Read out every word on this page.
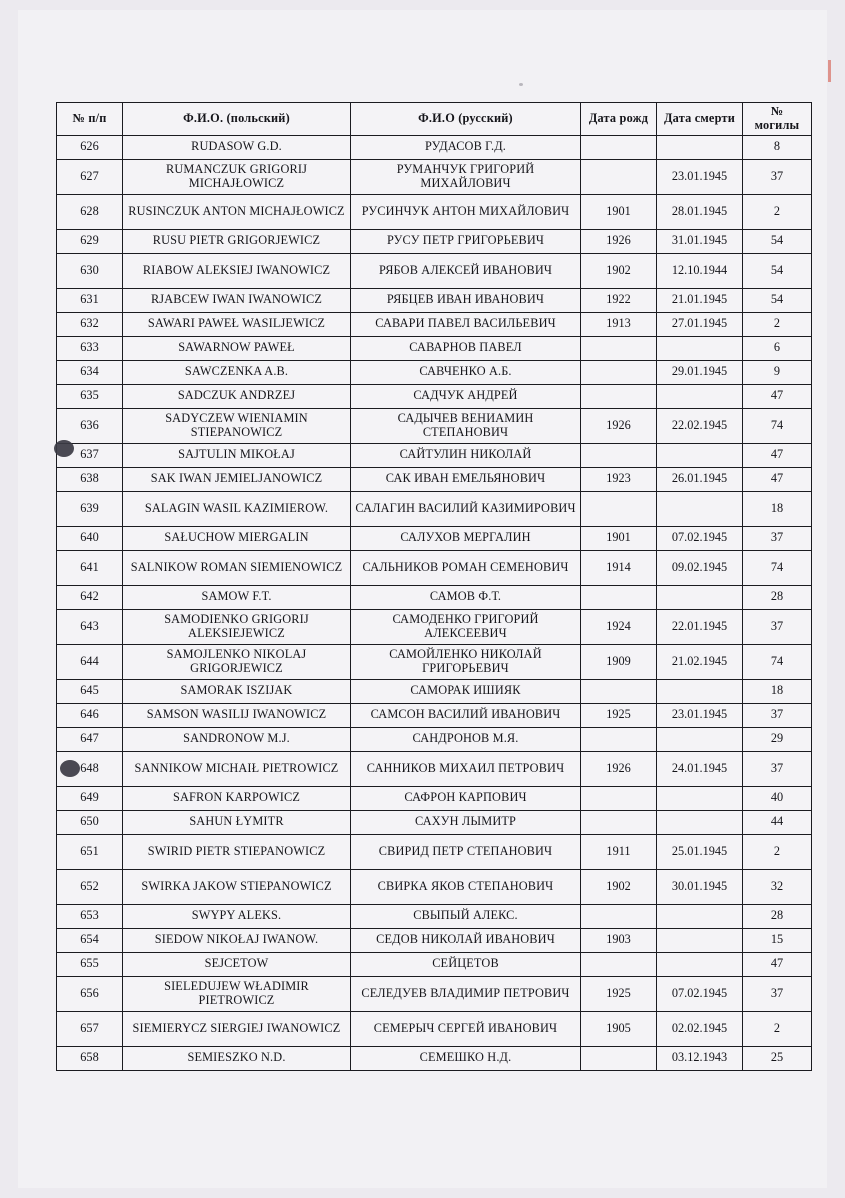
№ п/п	Ф.И.О. (польский)	Ф.И.О (русский)	Дата рожд	Дата смерти	№
могилы

626	RUDASOW G.D.	РУДАСОВ Г.Д.			8
627	RUMANCZUK GRIGORIJ MICHAJŁOWICZ	РУМАНЧУК ГРИГОРИЙ МИХАЙЛОВИЧ		23.01.1945	37
628	RUSINCZUK ANTON MICHAJŁOWICZ	РУСИНЧУК АНТОН МИХАЙЛОВИЧ	1901	28.01.1945	2
629	RUSU PIETR GRIGORJEWICZ	РУСУ ПЕТР ГРИГОРЬЕВИЧ	1926	31.01.1945	54
630	RIABOW ALEKSIEJ IWANOWICZ	РЯБОВ АЛЕКСЕЙ ИВАНОВИЧ	1902	12.10.1944	54
631	RJABCEW IWAN IWANOWICZ	РЯБЦЕВ ИВАН ИВАНОВИЧ	1922	21.01.1945	54
632	SAWARI PAWEŁ WASILJEWICZ	САВАРИ ПАВЕЛ ВАСИЛЬЕВИЧ	1913	27.01.1945	2
633	SAWARNOW PAWEŁ	САВАРНОВ ПАВЕЛ			6
634	SAWCZENKA A.B.	САВЧЕНКО А.Б.		29.01.1945	9
635	SADCZUK ANDRZEJ	САДЧУК АНДРЕЙ			47
636	SADYCZEW WIENIAMIN STIEPANOWICZ	САДЫЧЕВ ВЕНИАМИН СТЕПАНОВИЧ	1926	22.02.1945	74
637	SAJTULIN MIKOŁAJ	САЙТУЛИН НИКОЛАЙ			47
638	SAK IWAN JEMIELJANOWICZ	САК ИВАН ЕМЕЛЬЯНОВИЧ	1923	26.01.1945	47
639	SALAGIN WASIL KAZIMIEROW.	САЛАГИН ВАСИЛИЙ КАЗИМИРОВИЧ			18
640	SAŁUCHOW MIERGALIN	САЛУХОВ МЕРГАЛИН	1901	07.02.1945	37
641	SALNIKOW ROMAN SIEMIENOWICZ	САЛЬНИКОВ РОМАН СЕМЕНОВИЧ	1914	09.02.1945	74
642	SAMOW F.T.	САМОВ Ф.Т.			28
643	SAMODIENKO GRIGORIJ ALEKSIEJEWICZ	САМОДЕНКО ГРИГОРИЙ АЛЕКСЕЕВИЧ	1924	22.01.1945	37
644	SAMOJLENKO NIKOLAJ GRIGORJEWICZ	САМОЙЛЕНКО НИКОЛАЙ ГРИГОРЬЕВИЧ	1909	21.02.1945	74
645	SAMORAK ISZIJAK	САМОРАК ИШИЯК			18
646	SAMSON WASILIJ IWANOWICZ	САМСОН ВАСИЛИЙ ИВАНОВИЧ	1925	23.01.1945	37
647	SANDRONOW M.J.	САНДРОНОВ М.Я.			29
648	SANNIKOW MICHAIŁ PIETROWICZ	САННИКОВ МИХАИЛ ПЕТРОВИЧ	1926	24.01.1945	37
649	SAFRON KARPOWICZ	САФРОН КАРПОВИЧ			40
650	SAHUN ŁYMITR	САХУН ЛЫМИТР			44
651	SWIRID PIETR STIEPANOWICZ	СВИРИД ПЕТР СТЕПАНОВИЧ	1911	25.01.1945	2
652	SWIRKA JAKOW STIEPANOWICZ	СВИРКА ЯКОВ СТЕПАНОВИЧ	1902	30.01.1945	32
653	SWYPY ALEKS.	СВЫПЫЙ АЛЕКС.			28
654	SIEDOW NIKOŁAJ IWANOW.	СЕДОВ НИКОЛАЙ ИВАНОВИЧ	1903		15
655	SEJCETOW	СЕЙЦЕТОВ			47
656	SIELEDUJEW WŁADIMIR PIETROWICZ	СЕЛЕДУЕВ ВЛАДИМИР ПЕТРОВИЧ	1925	07.02.1945	37
657	SIEMIERYCZ SIERGIEJ IWANOWICZ	СЕМЕРЫЧ СЕРГЕЙ ИВАНОВИЧ	1905	02.02.1945	2
658	SEMIESZKO N.D.	СЕМЕШКО Н.Д.		03.12.1943	25
